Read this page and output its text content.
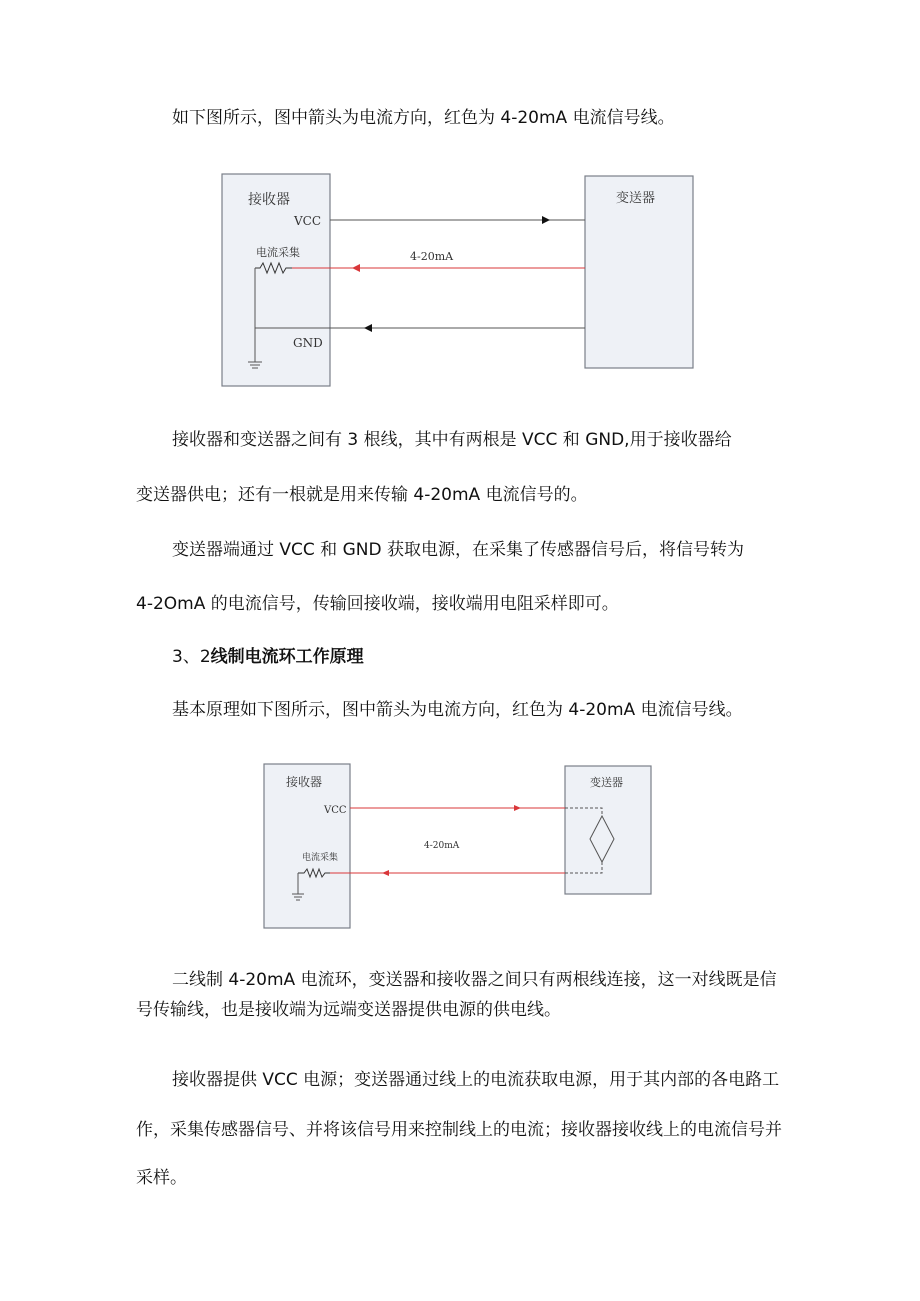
如下图所示，图中箭头为电流方向，红色为 4-20mA 电流信号线。
接收器	变送器
VCC
电流采集
GND
4-20mA
接收器和变送器之间有 3 根线，其中有两根是 VCC 和 GND,用于接收器给
变送器供电；还有一根就是用来传输 4-20mA 电流信号的。
变送器端通过 VCC 和 GND 获取电源，在采集了传感器信号后，将信号转为
4-2OmA 的电流信号，传输回接收端，接收端用电阻采样即可。
3、2线制电流环工作原理
基本原理如下图所示，图中箭头为电流方向，红色为 4-20mA 电流信号线。
接收器	变送器
VCC
电流采集
4-20mA
二线制 4-20mA 电流环，变送器和接收器之间只有两根线连接，这一对线既是信
号传输线，也是接收端为远端变送器提供电源的供电线。
接收器提供 VCC 电源；变送器通过线上的电流获取电源，用于其内部的各电路工
作，采集传感器信号、并将该信号用来控制线上的电流；接收器接收线上的电流信号并
采样。
